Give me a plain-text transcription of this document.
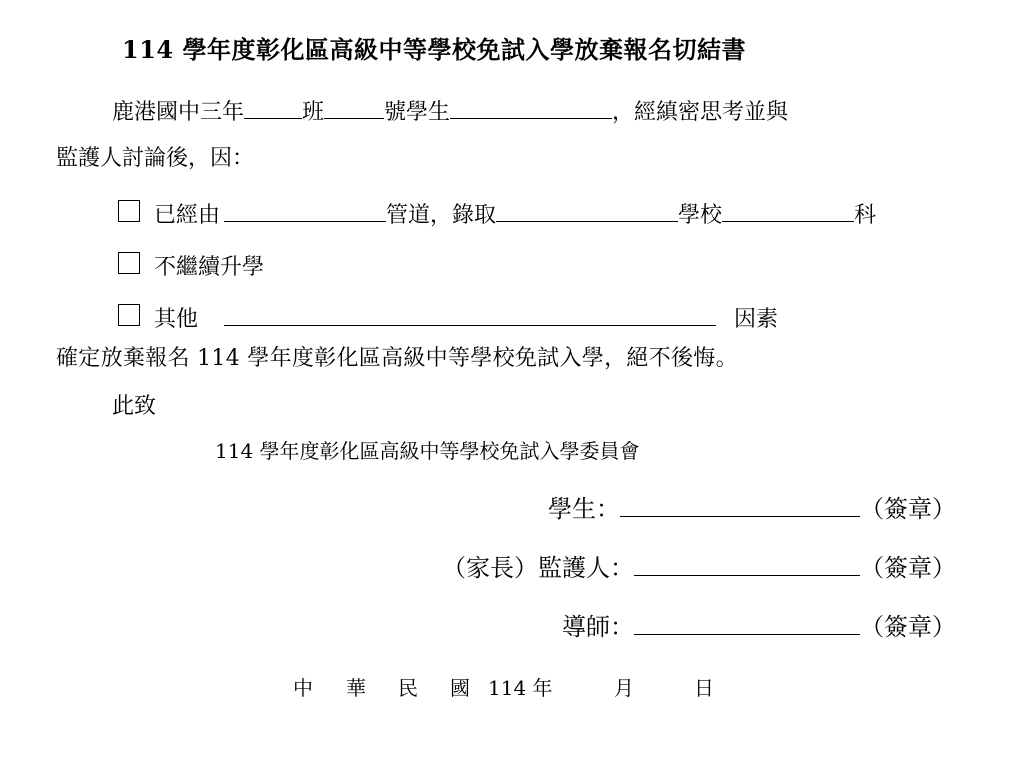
114 學年度彰化區高級中等學校免試入學放棄報名切結書
鹿港國中三年	班	號學生	，經縝密思考並與
監護人討論後，因：
已經由	管道，錄取	學校	科
不繼續升學
其他	因素
確定放棄報名 114 學年度彰化區高級中等學校免試入學，絕不後悔。
此致
114 學年度彰化區高級中等學校免試入學委員會
學生：	（簽章）
（家長）監護人：	（簽章）
導師：	（簽章）
中 華 民 國 114 年	月	日
